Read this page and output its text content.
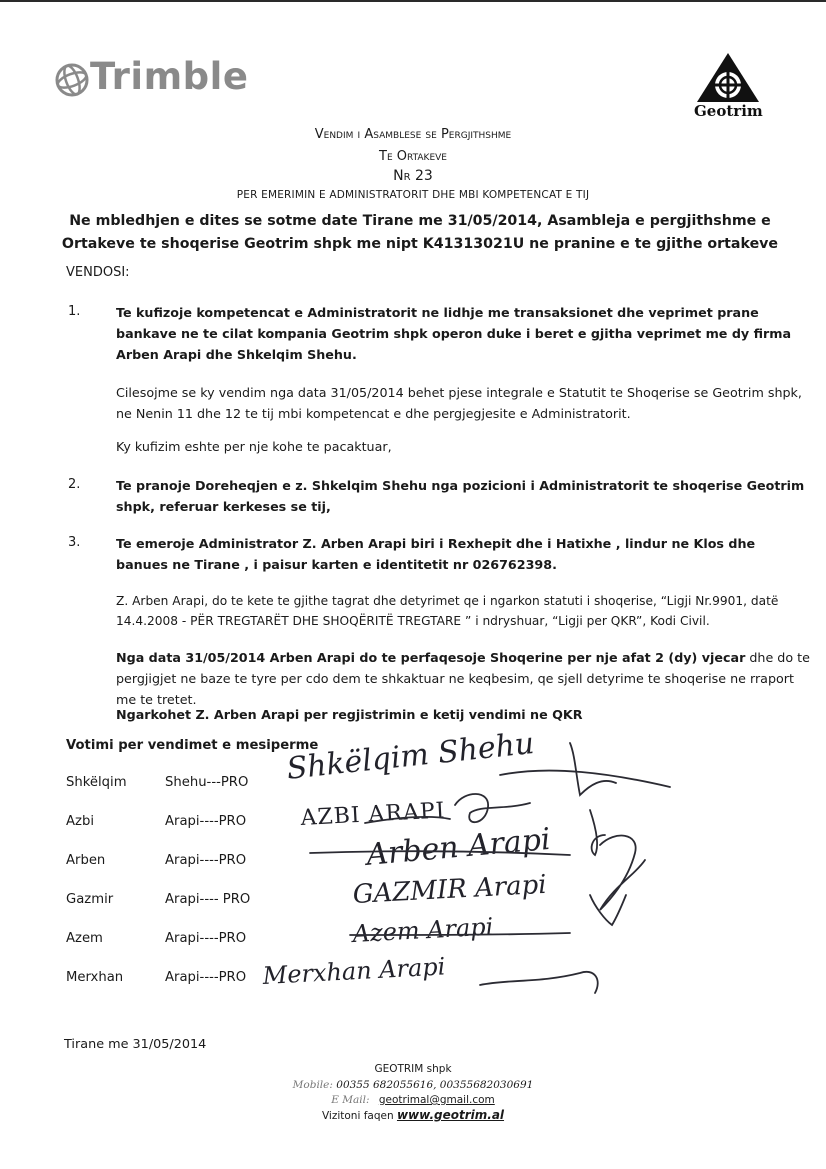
Trimble
Geotrim
Vendim i Asamblese se Pergjithshme
Te Ortakeve
Nr 23
PER EMERIMIN E ADMINISTRATORIT DHE MBI KOMPETENCAT E TIJ
Ne mbledhjen e dites se sotme date Tirane me 31/05/2014, Asambleja e pergjithshme e Ortakeve te shoqerise Geotrim shpk me nipt K41313021U ne pranine e te gjithe ortakeve
VENDOSI:
1.	Te kufizoje kompetencat e Administratorit ne lidhje me transaksionet dhe veprimet prane bankave ne te cilat kompania Geotrim shpk operon duke i beret e gjitha veprimet me dy firma Arben Arapi dhe Shkelqim Shehu.
Cilesojme se ky vendim nga data 31/05/2014 behet pjese integrale e Statutit te Shoqerise se Geotrim shpk, ne Nenin 11 dhe 12 te tij mbi kompetencat e dhe pergjegjesite e Administratorit.
Ky kufizim eshte per nje kohe te pacaktuar,
2.	Te pranoje Doreheqjen e z. Shkelqim Shehu nga pozicioni i Administratorit te shoqerise Geotrim shpk, referuar kerkeses se tij,
3.	Te emeroje Administrator Z. Arben Arapi biri i Rexhepit dhe i Hatixhe , lindur ne Klos dhe banues ne Tirane , i paisur karten e identitetit nr 026762398.
Z. Arben Arapi, do te kete te gjithe tagrat dhe detyrimet qe i ngarkon statuti i shoqerise, “Ligji Nr.9901, datë 14.4.2008 - PËR TREGTARËT DHE SHOQËRITË TREGTARE ” i ndryshuar, “Ligji per QKR”, Kodi Civil.
Nga data 31/05/2014 Arben Arapi do te perfaqesoje Shoqerine per nje afat 2 (dy) vjecar dhe do te pergjigjet ne baze te tyre per cdo dem te shkaktuar ne keqbesim, qe sjell detyrime te shoqerise ne rraport me te tretet.
Ngarkohet Z. Arben Arapi per regjistrimin e ketij vendimi ne QKR
Votimi per vendimet e mesiperme
Shkëlqim	Shehu---PRO Shkëlqim Shehu
Azbi	Arapi----PRO AZBI ARAPI
Arben	Arapi----PRO	Arben Arapi
Gazmir	Arapi---- PRO	GAZMIR Arapi
Azem	Arapi----PRO	Azem Arapi
Merxhan	Arapi----PRO Merxhan Arapi
Tirane me 31/05/2014
GEOTRIM shpk
Mobile: 00355 682055616, 00355682030691
E Mail: geotrimal@gmail.com
Vizitoni faqen www.geotrim.al
